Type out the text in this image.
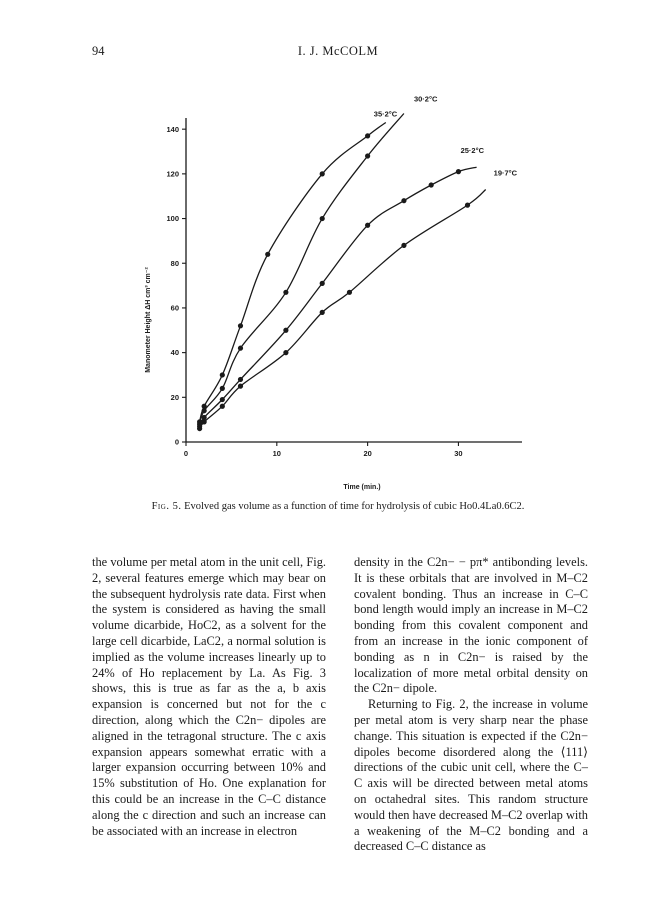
94	I. J. McCOLM
0
20
40
60
80
100
120
140
0	10	20	30
Time (min.)
Manometer Height ΔH cm³ cm⁻²
35·2°C
30·2°C
25·2°C
19·7°C
Fig. 5. Evolved gas volume as a function of time for hydrolysis of cubic Ho0.4La0.6C2.

the volume per metal atom in the unit cell, Fig. 2, several features emerge which may bear on the subsequent hydrolysis rate data. First when the system is considered as having the small volume dicarbide, HoC2, as a solvent for the large cell dicarbide, LaC2, a normal solution is implied as the volume increases linearly up to 24% of Ho replacement by La. As Fig. 3 shows, this is true as far as the a, b axis expansion is concerned but not for the c direction, along which the C2n− dipoles are aligned in the tetragonal structure. The c axis expansion appears somewhat erratic with a larger expansion occurring between 10% and 15% substitution of Ho. One explanation for this could be an increase in the C–C distance along the c direction and such an increase can be associated with an increase in electron

density in the C2n− − pπ* antibonding levels. It is these orbitals that are involved in M–C2 covalent bonding. Thus an increase in C–C bond length would imply an increase in M–C2 bonding from this covalent component and from an increase in the ionic component of bonding as n in C2n− is raised by the localization of more metal orbital density on the C2n− dipole.

Returning to Fig. 2, the increase in volume per metal atom is very sharp near the phase change. This situation is expected if the C2n− dipoles become disordered along the ⟨111⟩ directions of the cubic unit cell, where the C–C axis will be directed between metal atoms on octahedral sites. This random structure would then have decreased M–C2 overlap with a weakening of the M–C2 bonding and a decreased C–C distance as
